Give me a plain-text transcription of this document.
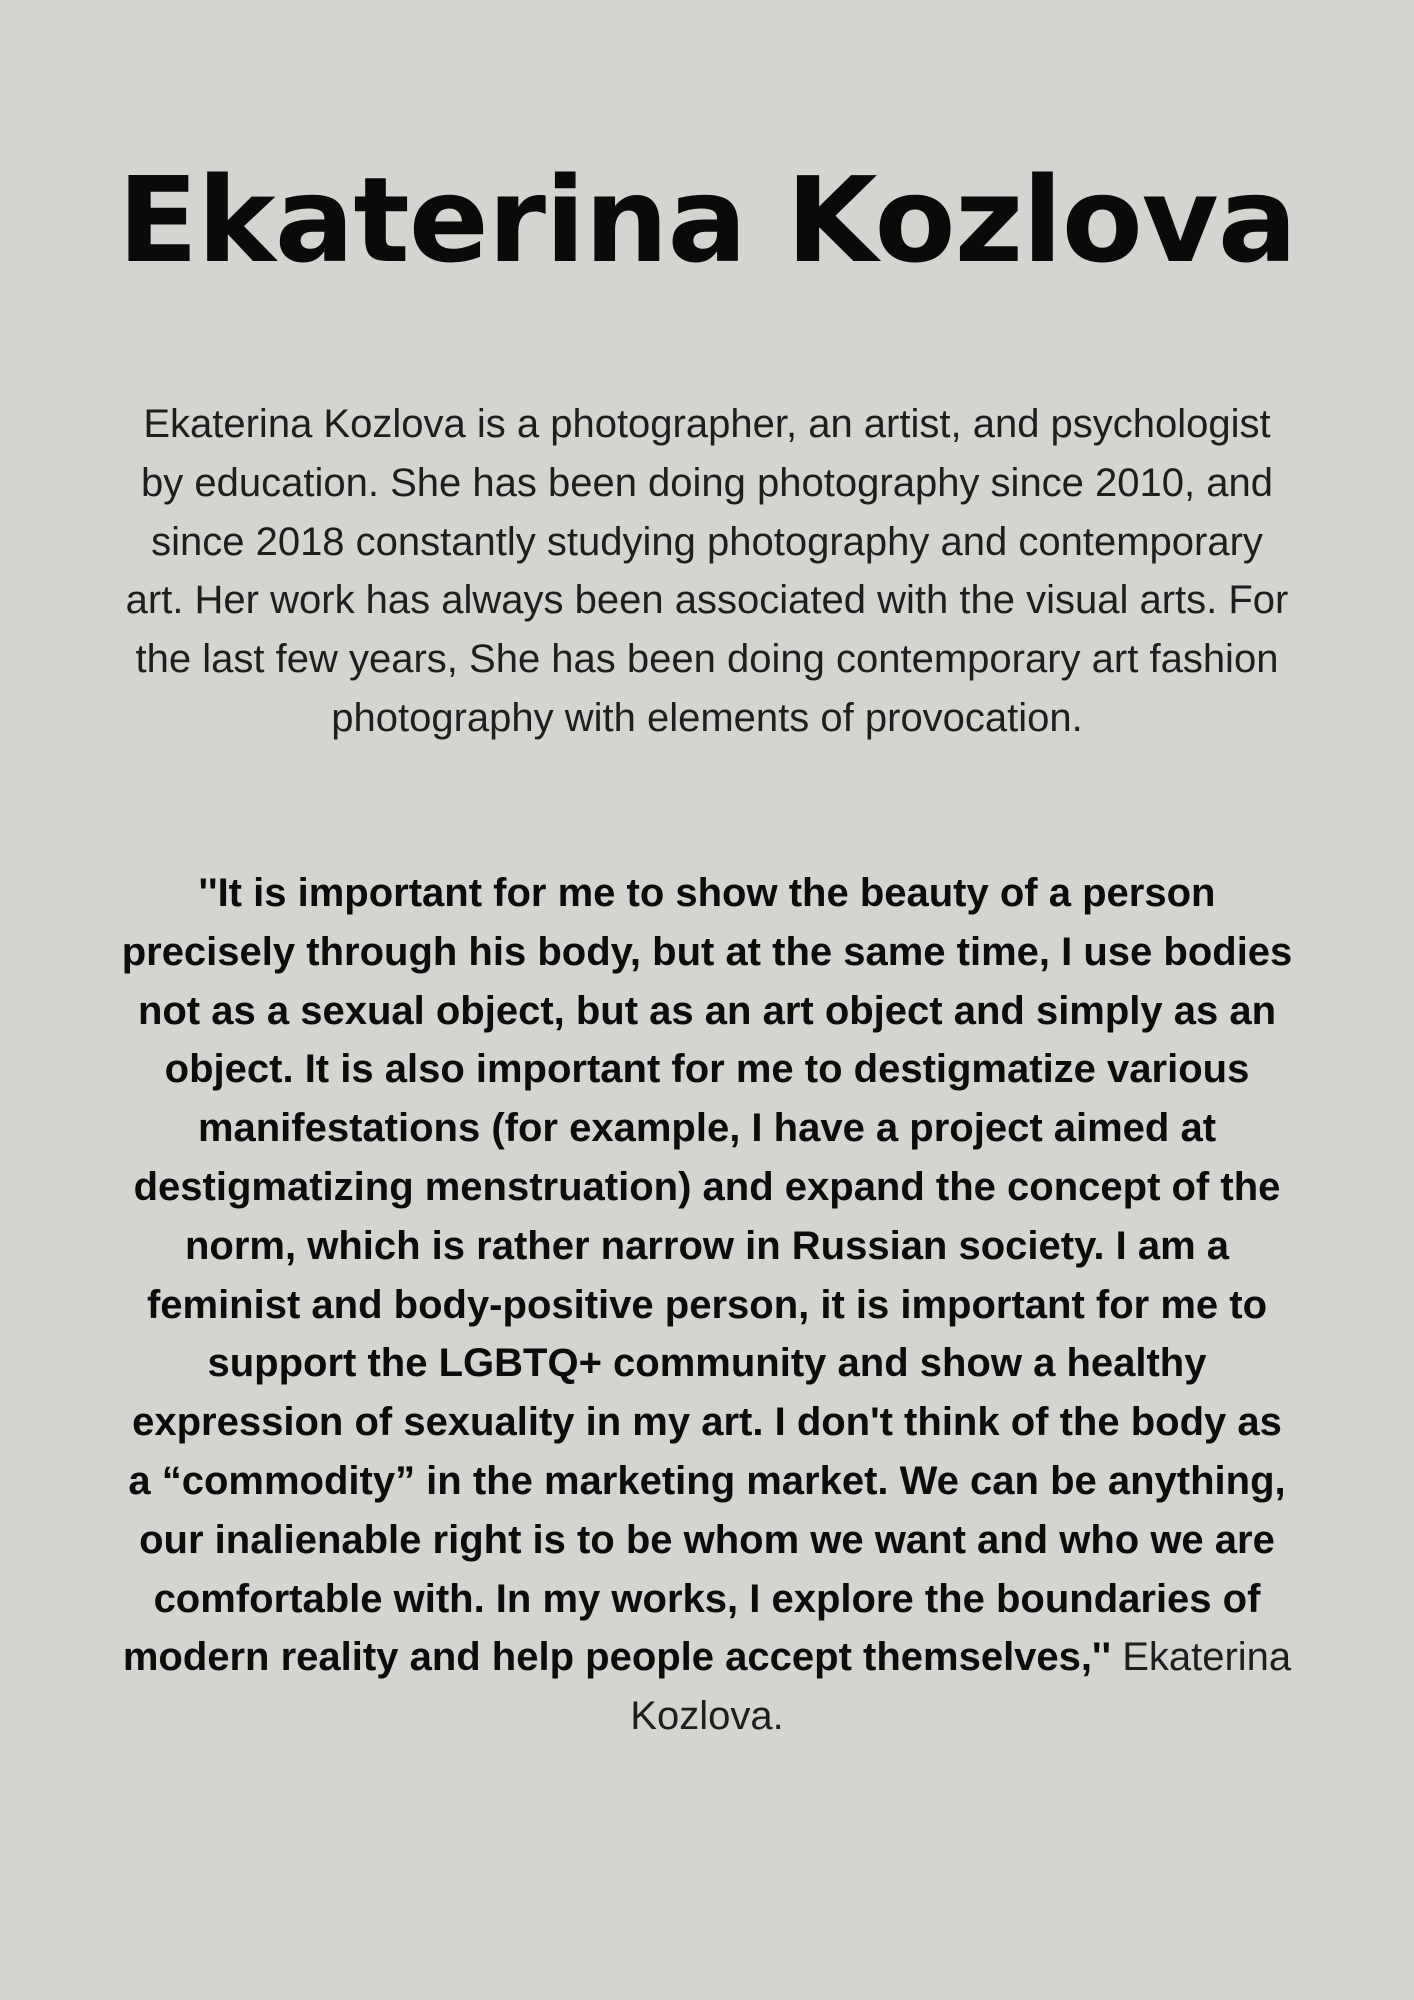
Ekaterina Kozlova

Ekaterina Kozlova is a photographer, an artist, and psychologist by education. She has been doing photography since 2010, and since 2018 constantly studying photography and contemporary art. Her work has always been associated with the visual arts. For the last few years, She has been doing contemporary art fashion photography with elements of provocation.

''It is important for me to show the beauty of a person precisely through his body, but at the same time, I use bodies not as a sexual object, but as an art object and simply as an object. It is also important for me to destigmatize various manifestations (for example, I have a project aimed at destigmatizing menstruation) and expand the concept of the norm, which is rather narrow in Russian society. I am a feminist and body-positive person, it is important for me to support the LGBTQ+ community and show a healthy expression of sexuality in my art. I don't think of the body as a “commodity” in the marketing market. We can be anything, our inalienable right is to be whom we want and who we are comfortable with. In my works, I explore the boundaries of modern reality and help people accept themselves,'' Ekaterina Kozlova.
